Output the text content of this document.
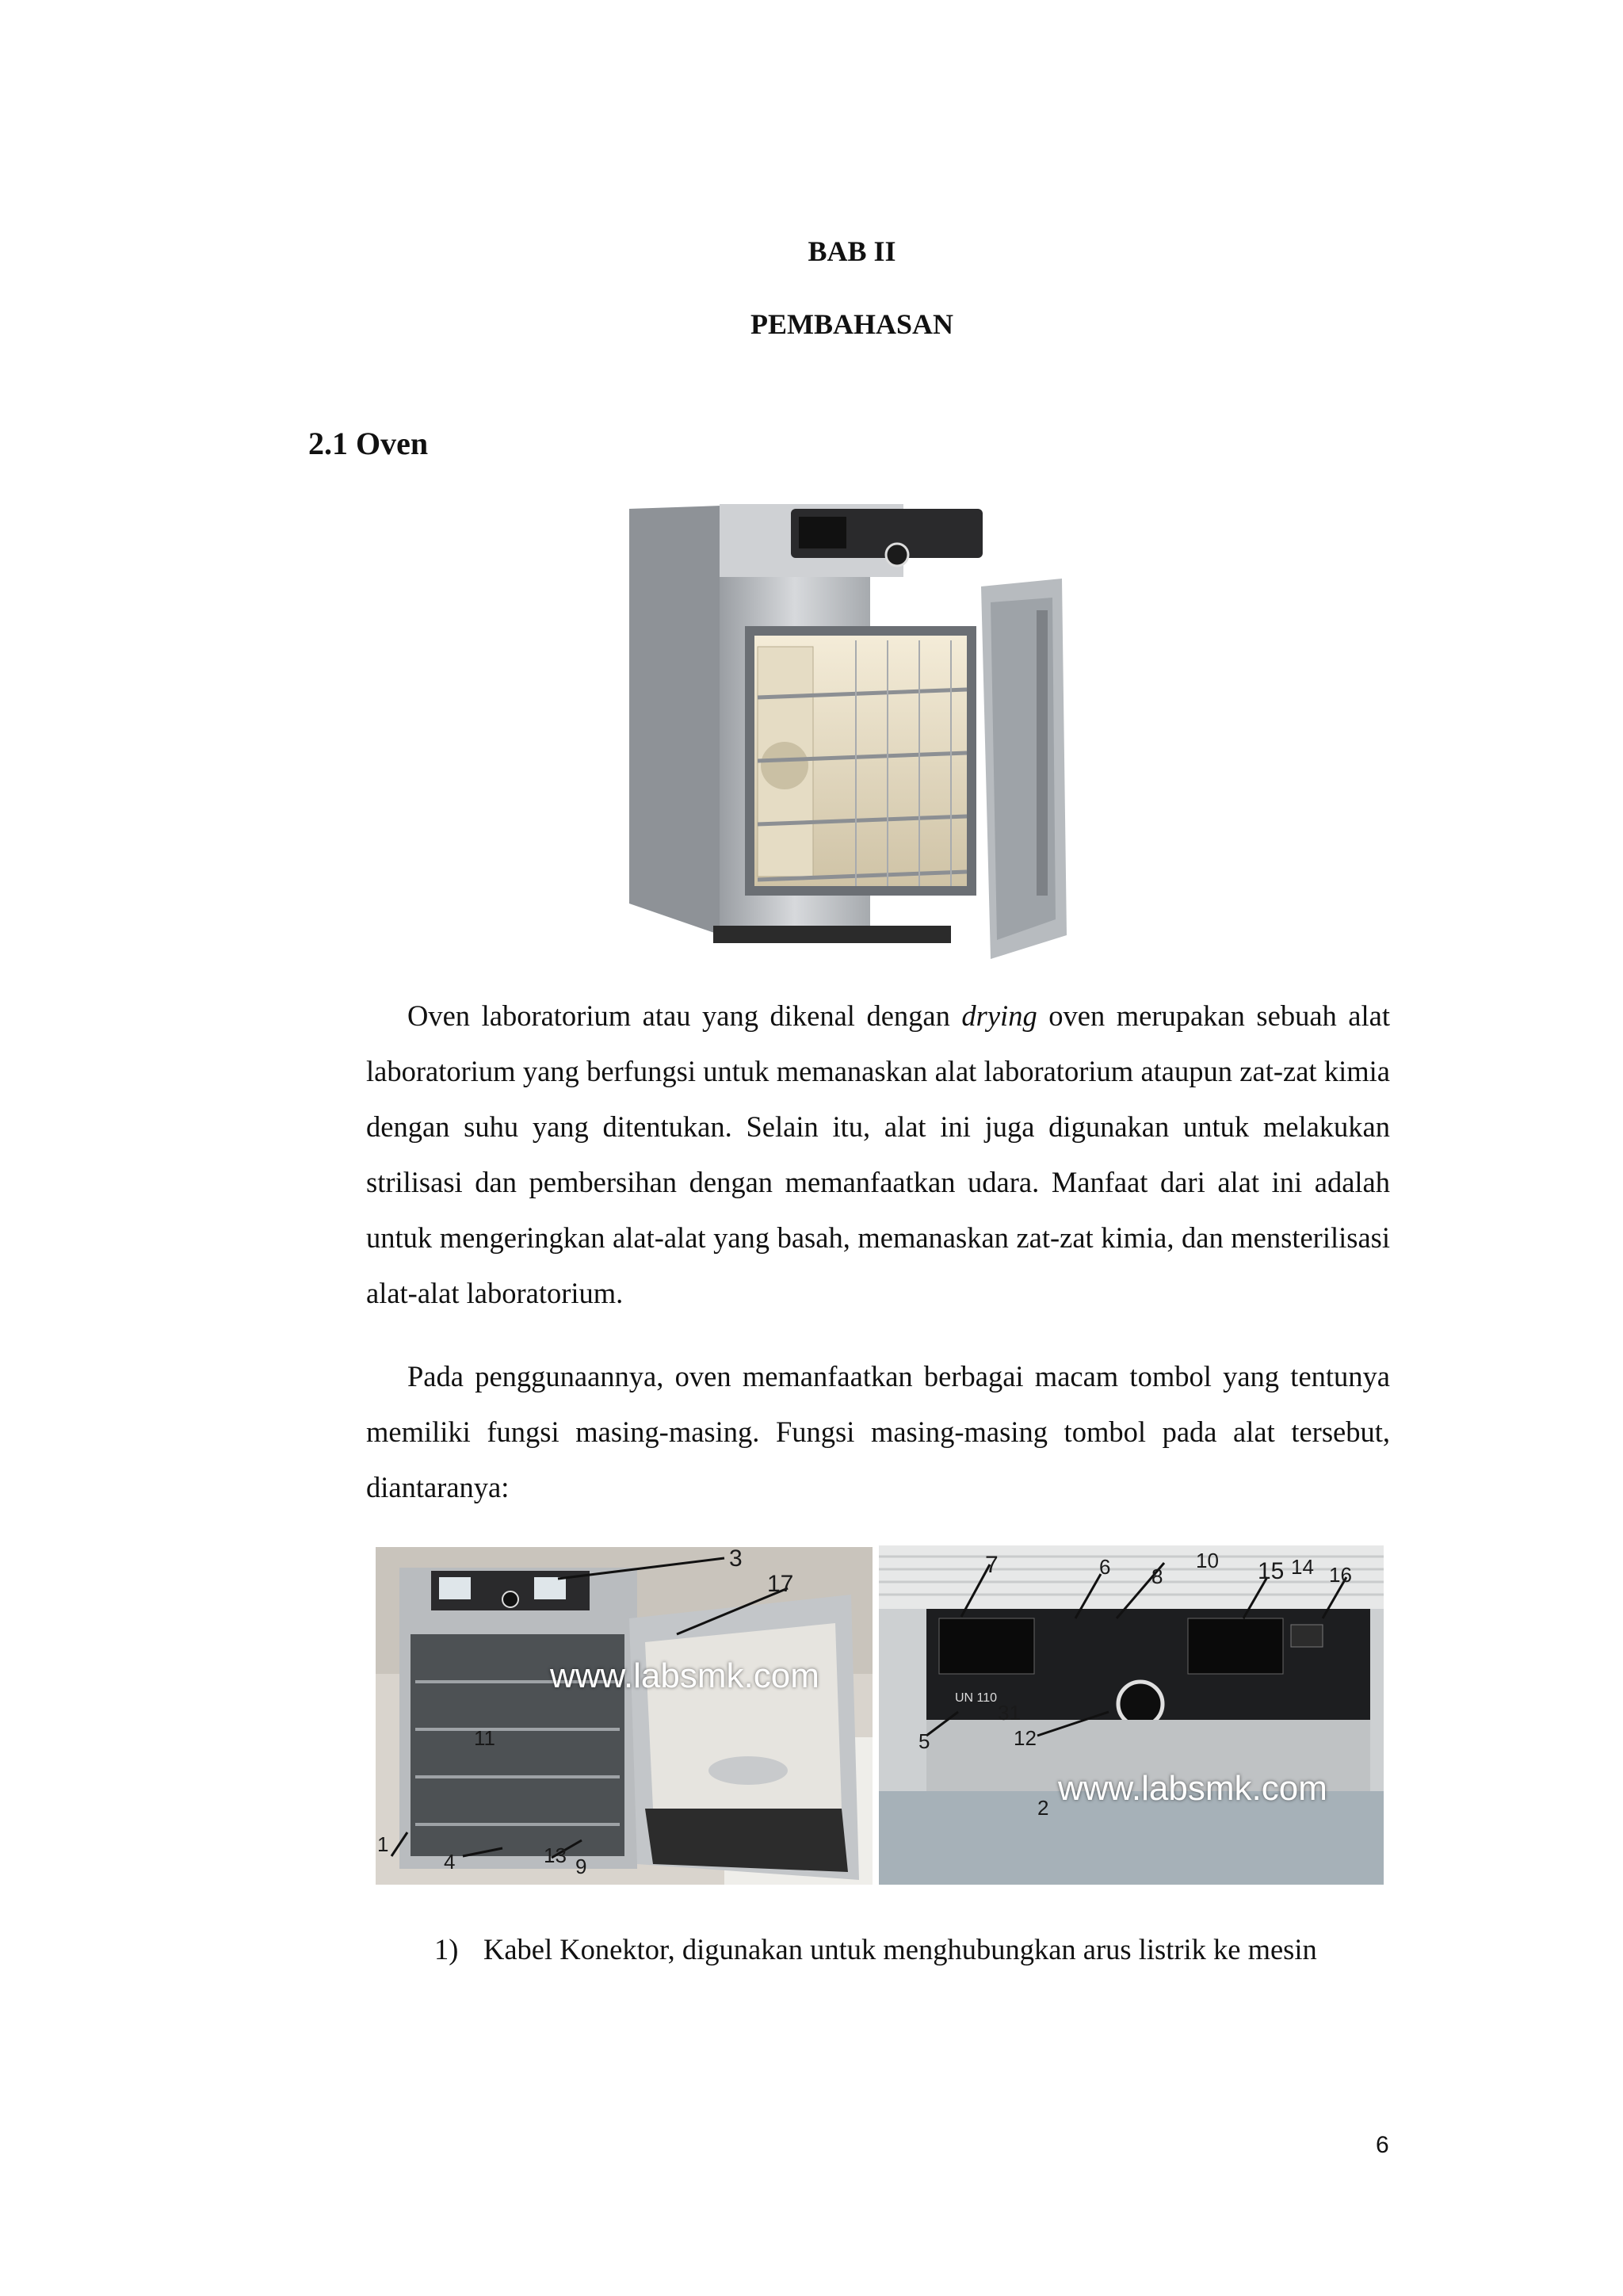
BAB II
PEMBAHASAN
2.1 Oven

Oven laboratorium atau yang dikenal dengan drying oven merupakan sebuah alat laboratorium yang berfungsi untuk memanaskan alat laboratorium ataupun zat-zat kimia dengan suhu yang ditentukan. Selain itu, alat ini juga digunakan untuk melakukan strilisasi dan pembersihan dengan memanfaatkan udara. Manfaat dari alat ini adalah untuk mengeringkan alat-alat yang basah, memanaskan zat-zat kimia, dan mensterilisasi alat-alat laboratorium.

Pada penggunaannya, oven memanfaatkan berbagai macam tombol yang tentunya memiliki fungsi masing-masing. Fungsi masing-masing tombol pada alat tersebut, diantaranya:

3
17
1
4	13 9
11
www.labsmk.com
31
UN 110
7	6 8
10 15 14 16
5	12
2 www.labsmk.com
1) Kabel Konektor, digunakan untuk menghubungkan arus listrik ke mesin
6
